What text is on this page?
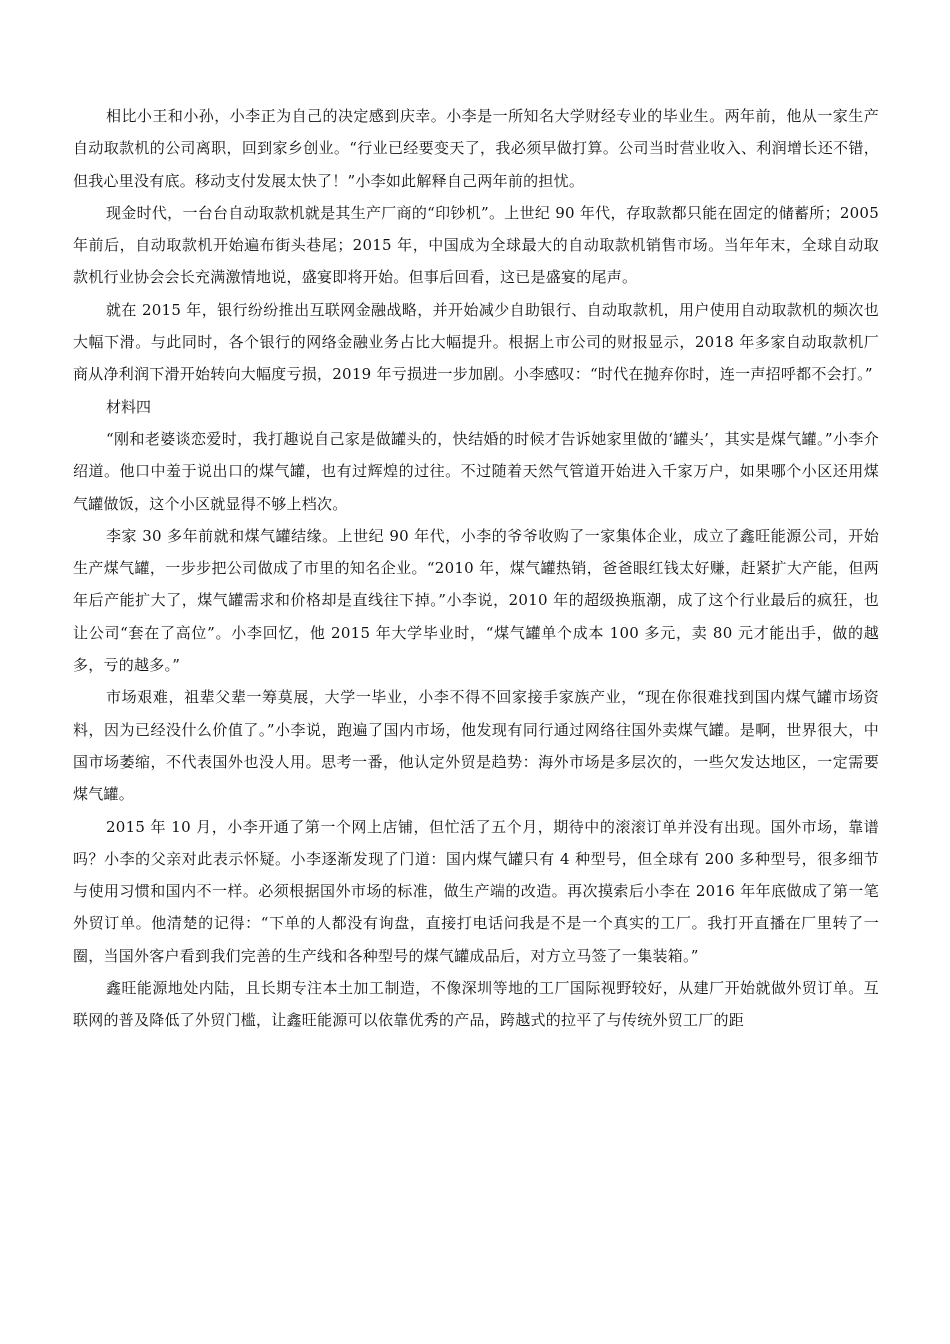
相比小王和小孙，小李正为自己的决定感到庆幸。小李是一所知名大学财经专业的毕业生。两年前，他从一家生产自动取款机的公司离职，回到家乡创业。“行业已经要变天了，我必须早做打算。公司当时营业收入、利润增长还不错，但我心里没有底。移动支付发展太快了！”小李如此解释自己两年前的担忧。

现金时代，一台台自动取款机就是其生产厂商的“印钞机”。上世纪 90 年代，存取款都只能在固定的储蓄所；2005 年前后，自动取款机开始遍布街头巷尾；2015 年，中国成为全球最大的自动取款机销售市场。当年年末，全球自动取款机行业协会会长充满激情地说，盛宴即将开始。但事后回看，这已是盛宴的尾声。

就在 2015 年，银行纷纷推出互联网金融战略，并开始减少自助银行、自动取款机，用户使用自动取款机的频次也大幅下滑。与此同时，各个银行的网络金融业务占比大幅提升。根据上市公司的财报显示，2018 年多家自动取款机厂商从净利润下滑开始转向大幅度亏损，2019 年亏损进一步加剧。小李感叹：“时代在抛弃你时，连一声招呼都不会打。”

材料四

“刚和老婆谈恋爱时，我打趣说自己家是做罐头的，快结婚的时候才告诉她家里做的‘罐头’，其实是煤气罐。”小李介绍道。他口中羞于说出口的煤气罐，也有过辉煌的过往。不过随着天然气管道开始进入千家万户，如果哪个小区还用煤气罐做饭，这个小区就显得不够上档次。

李家 30 多年前就和煤气罐结缘。上世纪 90 年代，小李的爷爷收购了一家集体企业，成立了鑫旺能源公司，开始生产煤气罐，一步步把公司做成了市里的知名企业。“2010 年，煤气罐热销，爸爸眼红钱太好赚，赶紧扩大产能，但两年后产能扩大了，煤气罐需求和价格却是直线往下掉。”小李说，2010 年的超级换瓶潮，成了这个行业最后的疯狂，也让公司“套在了高位”。小李回忆，他 2015 年大学毕业时，“煤气罐单个成本 100 多元，卖 80 元才能出手，做的越多，亏的越多。”

市场艰难，祖辈父辈一筹莫展，大学一毕业，小李不得不回家接手家族产业，“现在你很难找到国内煤气罐市场资料，因为已经没什么价值了。”小李说，跑遍了国内市场，他发现有同行通过网络往国外卖煤气罐。是啊，世界很大，中国市场萎缩，不代表国外也没人用。思考一番，他认定外贸是趋势：海外市场是多层次的，一些欠发达地区，一定需要煤气罐。

2015 年 10 月，小李开通了第一个网上店铺，但忙活了五个月，期待中的滚滚订单并没有出现。国外市场，靠谱吗？小李的父亲对此表示怀疑。小李逐渐发现了门道：国内煤气罐只有 4 种型号，但全球有 200 多种型号，很多细节与使用习惯和国内不一样。必须根据国外市场的标准，做生产端的改造。再次摸索后小李在 2016 年年底做成了第一笔外贸订单。他清楚的记得：“下单的人都没有询盘，直接打电话问我是不是一个真实的工厂。我打开直播在厂里转了一圈，当国外客户看到我们完善的生产线和各种型号的煤气罐成品后，对方立马签了一集装箱。”

鑫旺能源地处内陆，且长期专注本土加工制造，不像深圳等地的工厂国际视野较好，从建厂开始就做外贸订单。互联网的普及降低了外贸门槛，让鑫旺能源可以依靠优秀的产品，跨越式的拉平了与传统外贸工厂的距
